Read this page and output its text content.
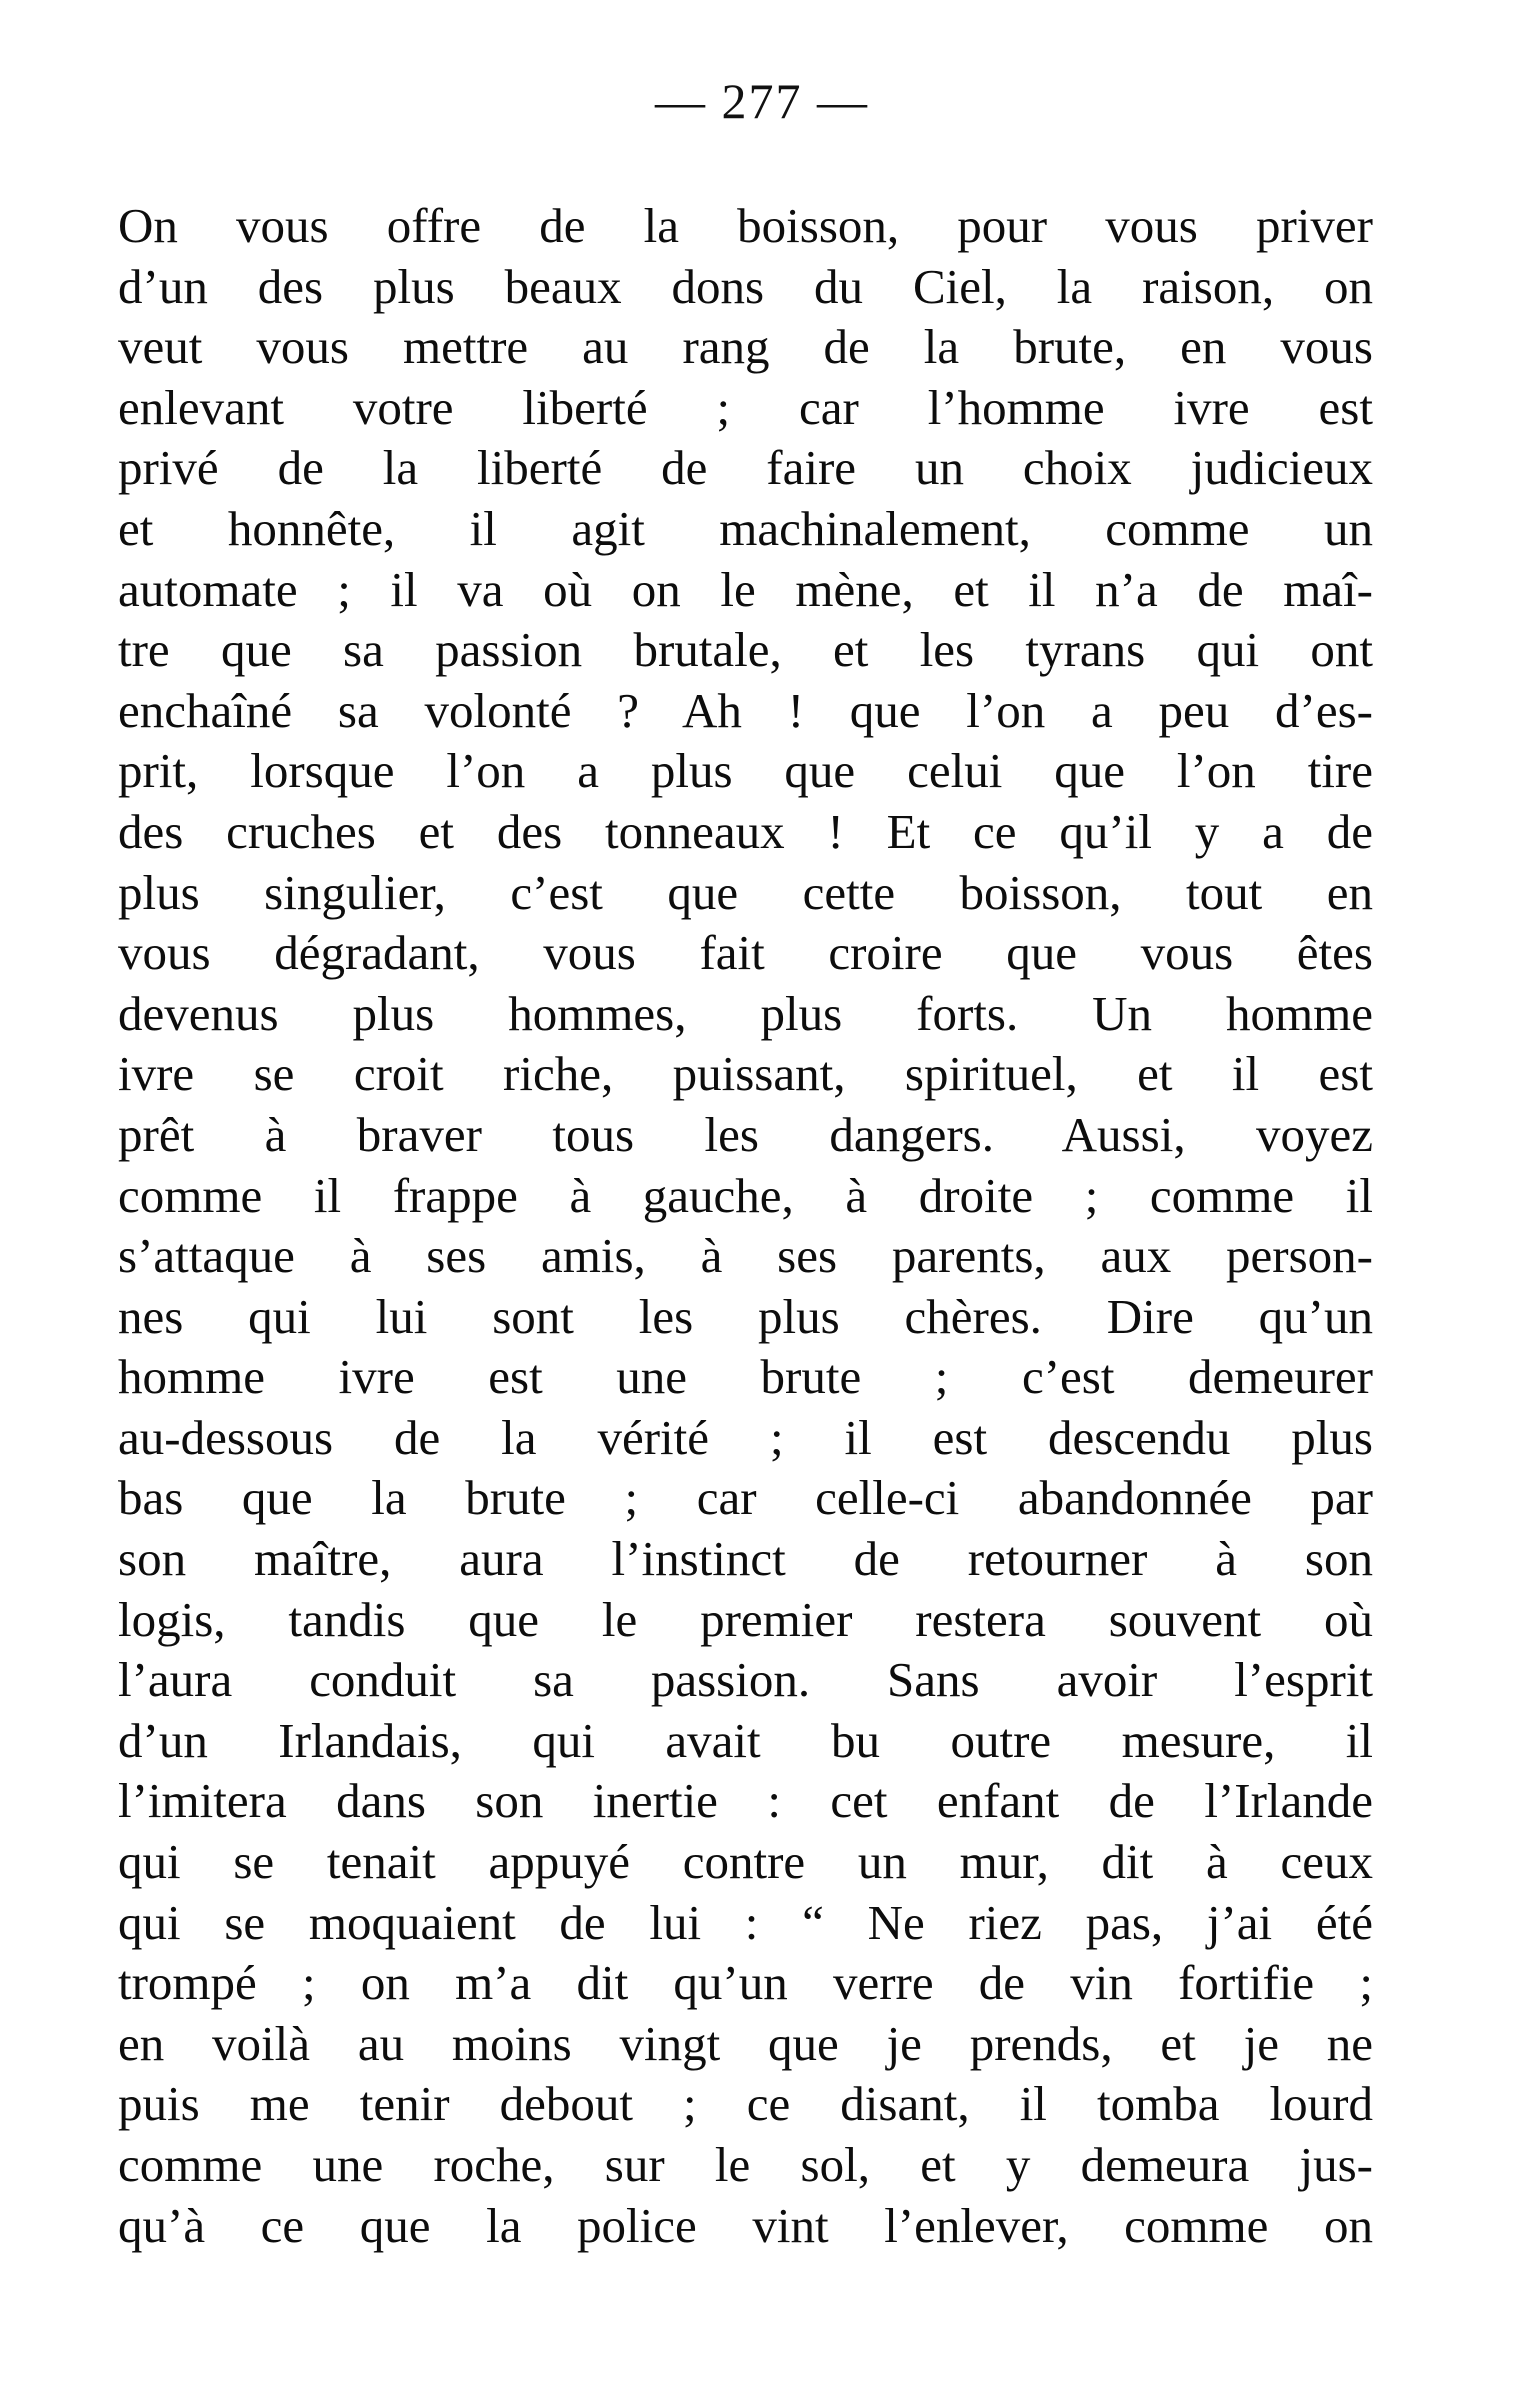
— 277 —
On vous offre de la boisson, pour vous priver
d’un des plus beaux dons du Ciel, la raison, on
veut vous mettre au rang de la brute, en vous
enlevant votre liberté ; car l’homme ivre est
privé de la liberté de faire un choix judicieux
et honnête, il agit machinalement, comme un
automate ; il va où on le mène, et il n’a de maî-
tre que sa passion brutale, et les tyrans qui ont
enchaîné sa volonté ? Ah ! que l’on a peu d’es-
prit, lorsque l’on a plus que celui que l’on tire
des cruches et des tonneaux ! Et ce qu’il y a de
plus singulier, c’est que cette boisson, tout en
vous dégradant, vous fait croire que vous êtes
devenus plus hommes, plus forts. Un homme
ivre se croit riche, puissant, spirituel, et il est
prêt à braver tous les dangers. Aussi, voyez
comme il frappe à gauche, à droite ; comme il
s’attaque à ses amis, à ses parents, aux person-
nes qui lui sont les plus chères. Dire qu’un
homme ivre est une brute ; c’est demeurer
au-dessous de la vérité ; il est descendu plus
bas que la brute ; car celle-ci abandonnée par
son maître, aura l’instinct de retourner à son
logis, tandis que le premier restera souvent où
l’aura conduit sa passion. Sans avoir l’esprit
d’un Irlandais, qui avait bu outre mesure, il
l’imitera dans son inertie : cet enfant de l’Irlande
qui se tenait appuyé contre un mur, dit à ceux
qui se moquaient de lui : “ Ne riez pas, j’ai été
trompé ; on m’a dit qu’un verre de vin fortifie ;
en voilà au moins vingt que je prends, et je ne
puis me tenir debout ; ce disant, il tomba lourd
comme une roche, sur le sol, et y demeura jus-
qu’à ce que la police vint l’enlever, comme on
